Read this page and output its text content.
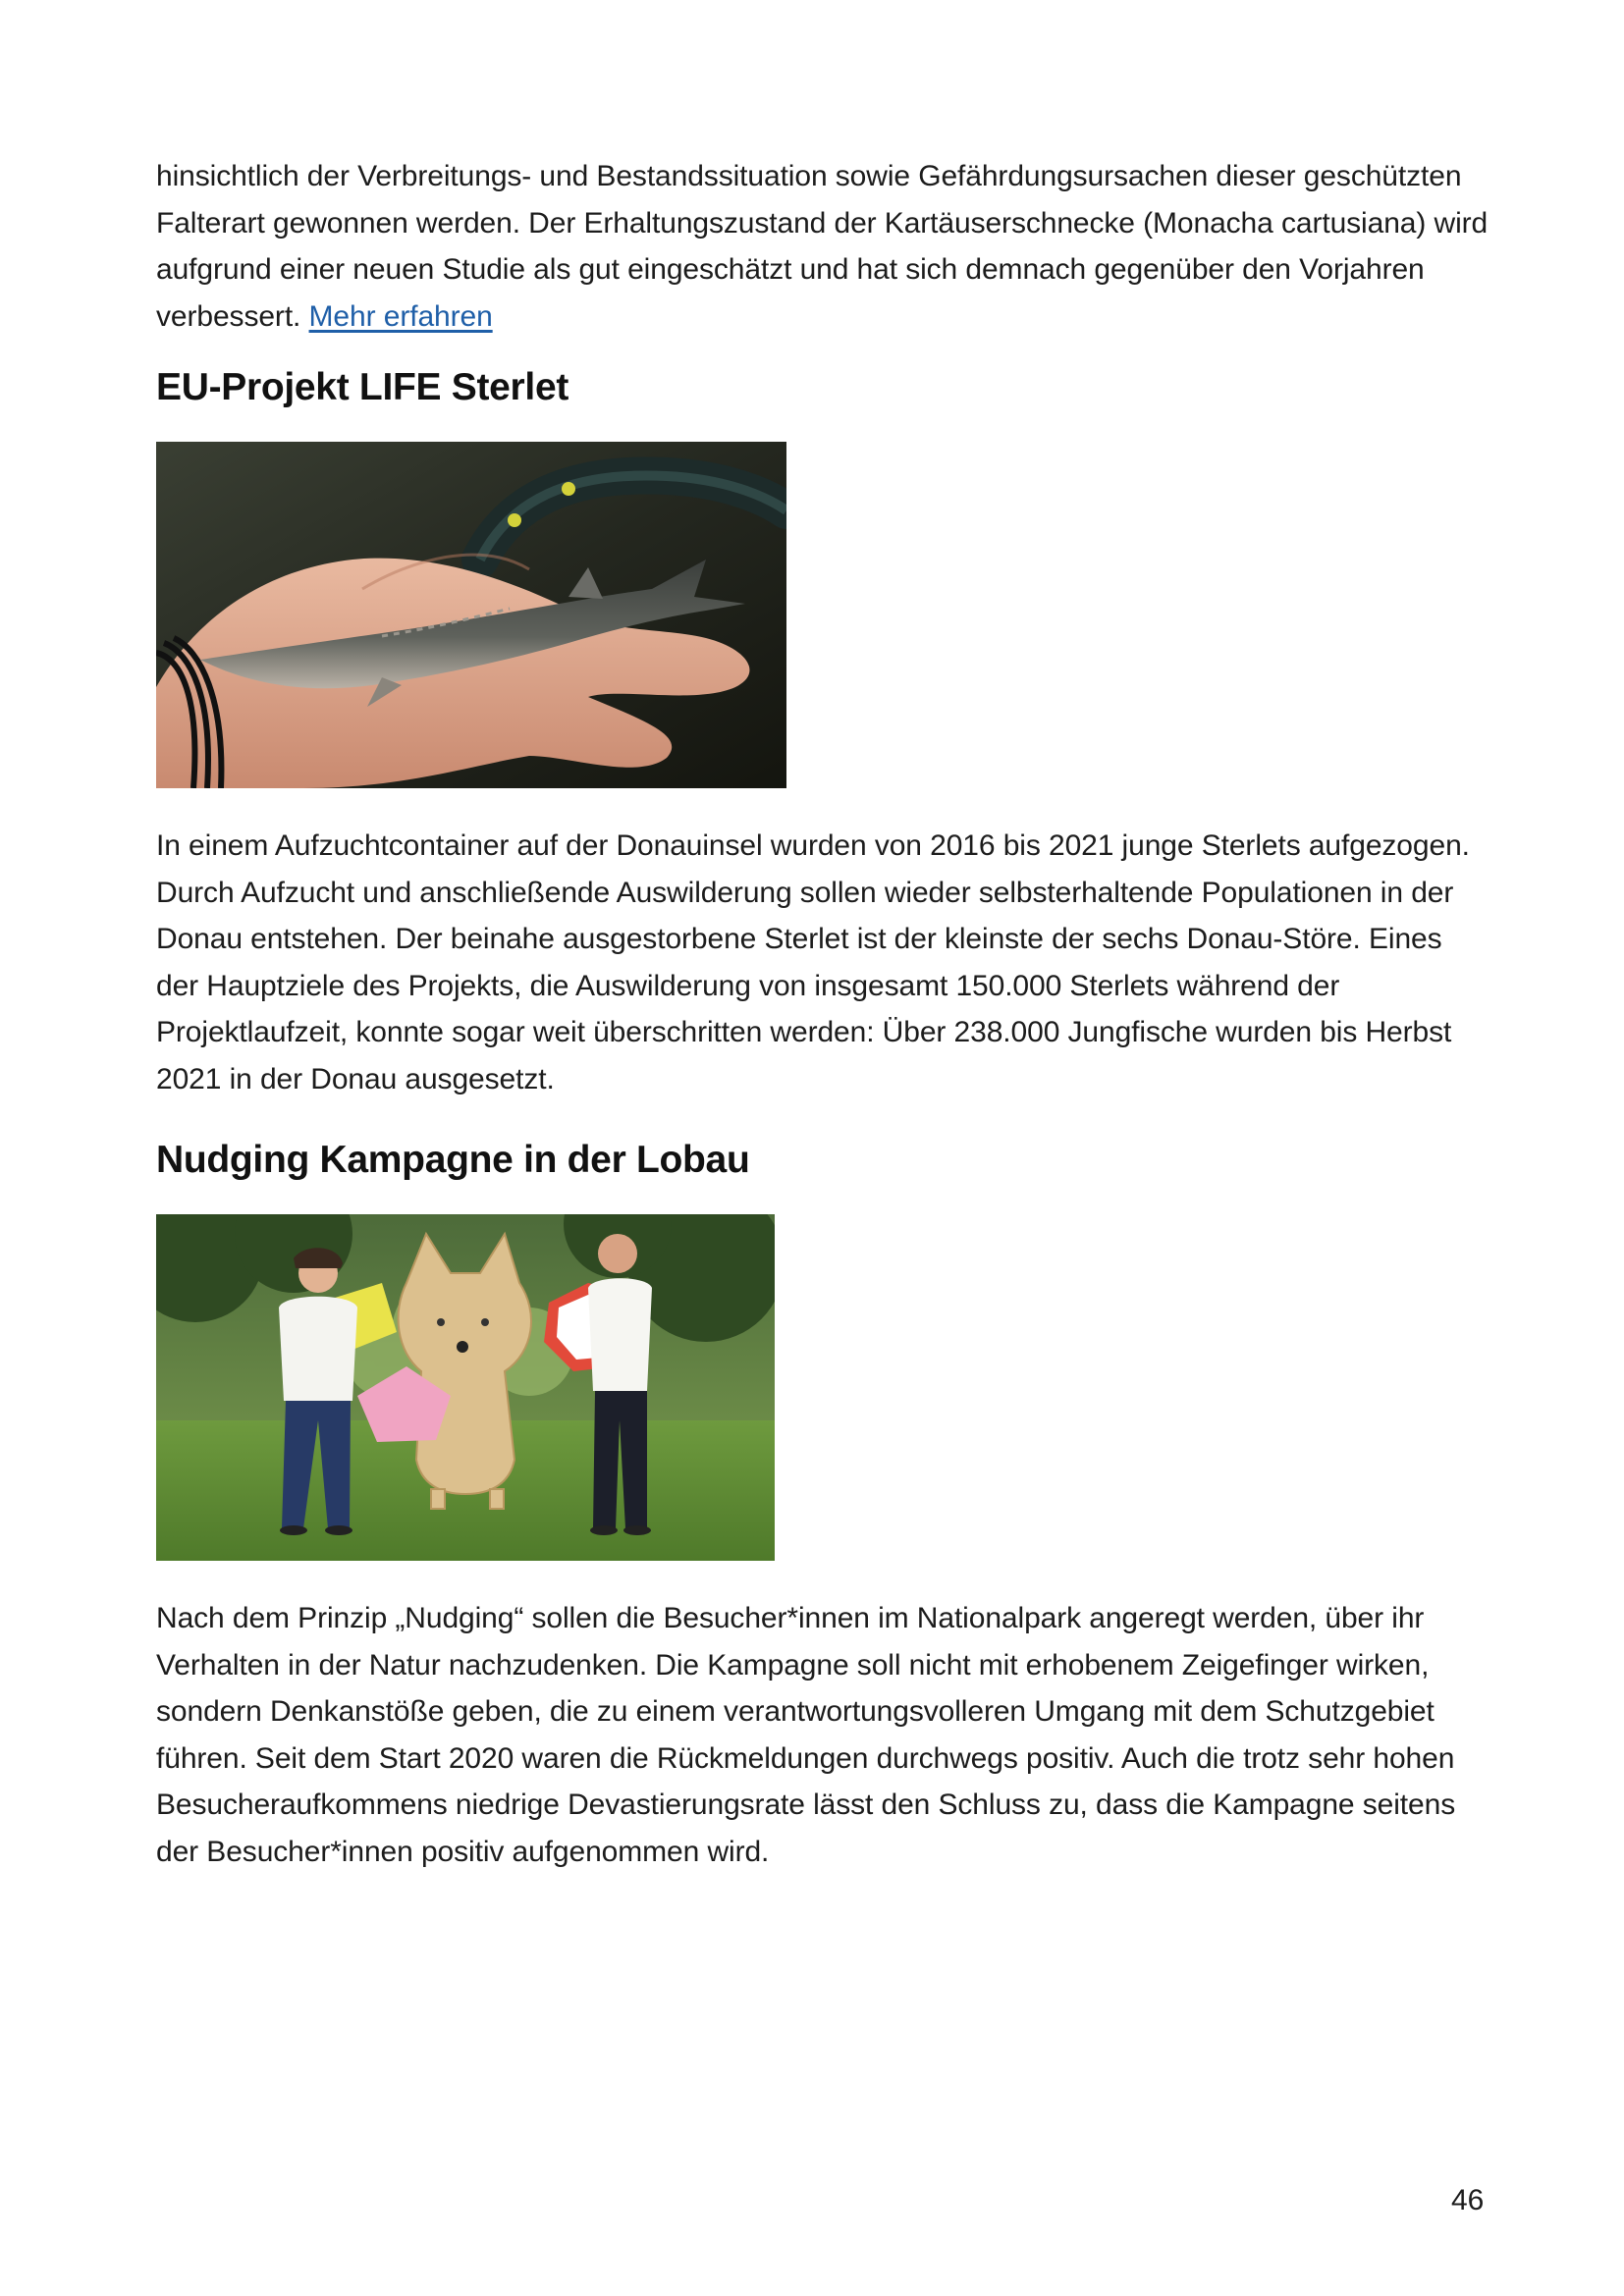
hinsichtlich der Verbreitungs- und Bestandssituation sowie Gefährdungsursachen dieser geschützten Falterart gewonnen werden. Der Erhaltungszustand der Kartäuserschnecke (Monacha cartusiana) wird aufgrund einer neuen Studie als gut eingeschätzt und hat sich demnach gegenüber den Vorjahren verbessert. Mehr erfahren

EU-Projekt LIFE Sterlet

In einem Aufzuchtcontainer auf der Donauinsel wurden von 2016 bis 2021 junge Sterlets aufgezogen. Durch Aufzucht und anschließende Auswilderung sollen wieder selbsterhaltende Populationen in der Donau entstehen. Der beinahe ausgestorbene Sterlet ist der kleinste der sechs Donau-Störe. Eines der Hauptziele des Projekts, die Auswilderung von insgesamt 150.000 Sterlets während der Projektlaufzeit, konnte sogar weit überschritten werden: Über 238.000 Jungfische wurden bis Herbst 2021 in der Donau ausgesetzt.

Nudging Kampagne in der Lobau

Nach dem Prinzip „Nudging“ sollen die Besucher*innen im Nationalpark angeregt werden, über ihr Verhalten in der Natur nachzudenken. Die Kampagne soll nicht mit erhobenem Zeigefinger wirken, sondern Denkanstöße geben, die zu einem verantwortungsvolleren Umgang mit dem Schutzgebiet führen. Seit dem Start 2020 waren die Rückmeldungen durchwegs positiv. Auch die trotz sehr hohen Besucheraufkommens niedrige Devastierungsrate lässt den Schluss zu, dass die Kampagne seitens der Besucher*innen positiv aufgenommen wird.

46
